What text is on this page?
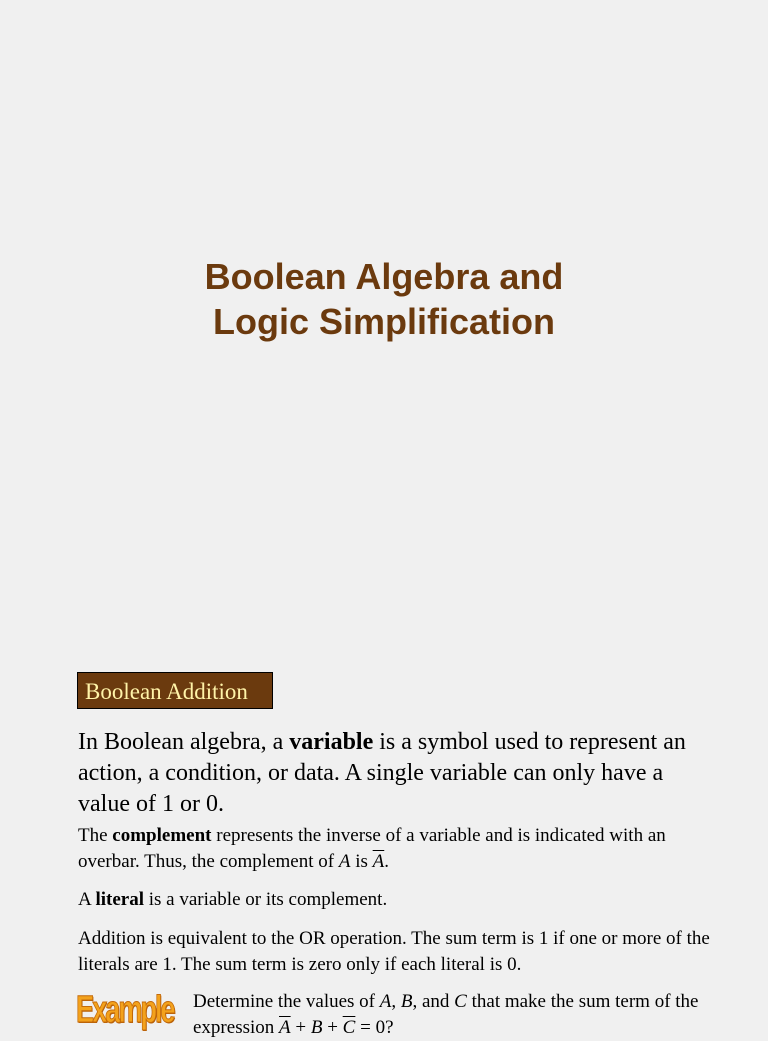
Boolean Algebra and
Logic Simplification
Boolean Addition
In Boolean algebra, a variable is a symbol used to represent an action, a condition, or data. A single variable can only have a value of 1 or 0.
The complement represents the inverse of a variable and is indicated with an overbar. Thus, the complement of A is $\overline{A}$.
A literal is a variable or its complement.
Addition is equivalent to the OR operation. The sum term is 1 if one or more of the literals are 1. The sum term is zero only if each literal is 0.
Example Determine the values of A, B, and C that make the sum term of the expression $\overline{A} + B + \overline{C} = 0$?
